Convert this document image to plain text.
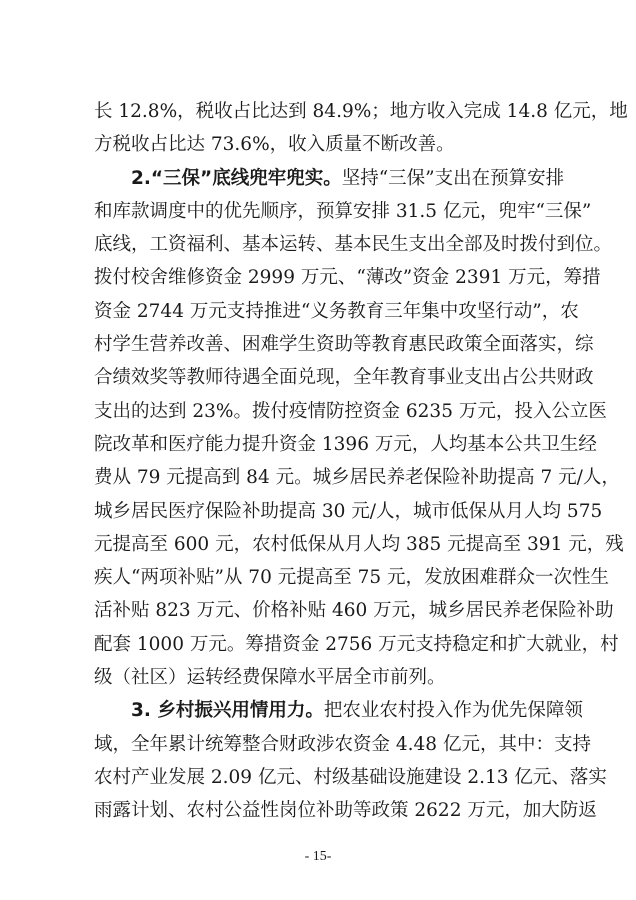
长 12.8%，税收占比达到 84.9%；地方收入完成 14.8 亿元，地
方税收占比达 73.6%，收入质量不断改善。
2.“三保”底线兜牢兜实。坚持“三保”支出在预算安排
和库款调度中的优先顺序，预算安排 31.5 亿元，兜牢“三保”
底线，工资福利、基本运转、基本民生支出全部及时拨付到位。
拨付校舍维修资金 2999 万元、“薄改”资金 2391 万元，筹措
资金 2744 万元支持推进“义务教育三年集中攻坚行动”，农
村学生营养改善、困难学生资助等教育惠民政策全面落实，综
合绩效奖等教师待遇全面兑现，全年教育事业支出占公共财政
支出的达到 23%。拨付疫情防控资金 6235 万元，投入公立医
院改革和医疗能力提升资金 1396 万元，人均基本公共卫生经
费从 79 元提高到 84 元。城乡居民养老保险补助提高 7 元/人，
城乡居民医疗保险补助提高 30 元/人，城市低保从月人均 575
元提高至 600 元，农村低保从月人均 385 元提高至 391 元，残
疾人“两项补贴”从 70 元提高至 75 元，发放困难群众一次性生
活补贴 823 万元、价格补贴 460 万元，城乡居民养老保险补助
配套 1000 万元。筹措资金 2756 万元支持稳定和扩大就业，村
级（社区）运转经费保障水平居全市前列。
3. 乡村振兴用情用力。把农业农村投入作为优先保障领
域，全年累计统筹整合财政涉农资金 4.48 亿元，其中：支持
农村产业发展 2.09 亿元、村级基础设施建设 2.13 亿元、落实
雨露计划、农村公益性岗位补助等政策 2622 万元，加大防返
- 15-
